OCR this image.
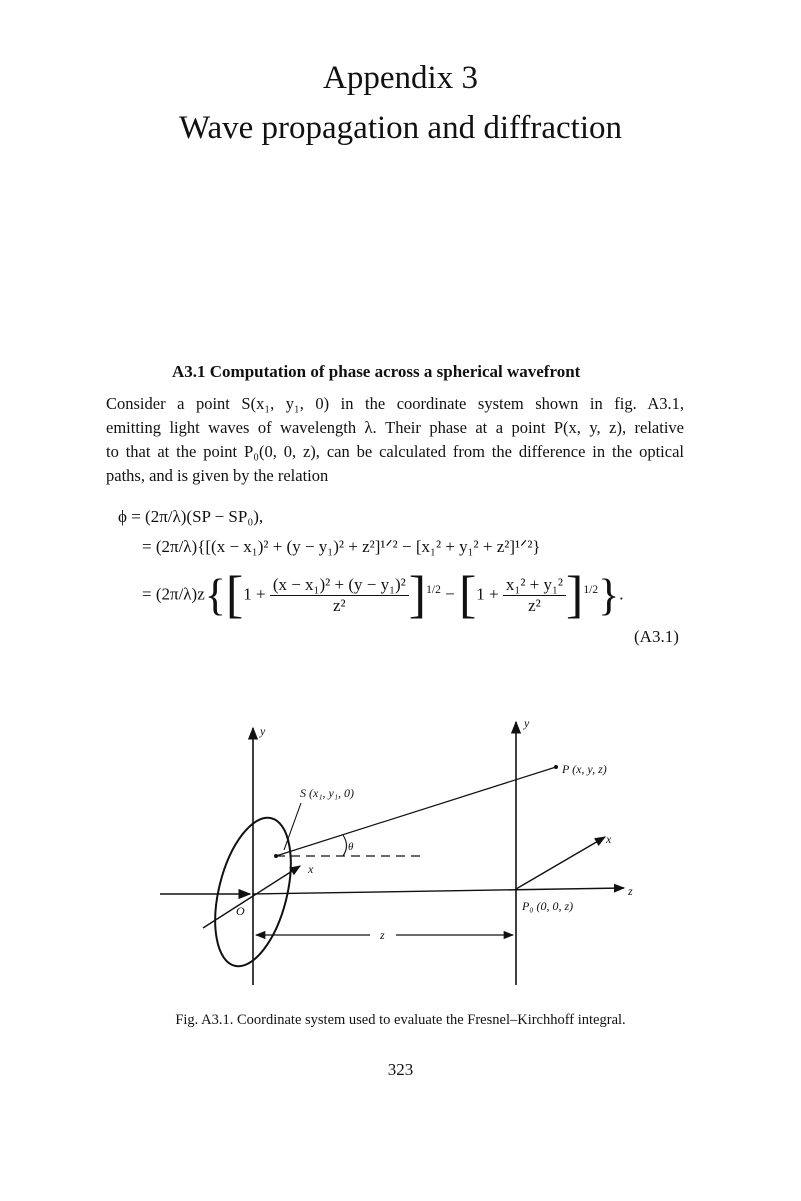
Appendix 3
Wave propagation and diffraction
A3.1 Computation of phase across a spherical wavefront
Consider a point S(x₁, y₁, 0) in the coordinate system shown in fig. A3.1,
emitting light waves of wavelength λ. Their phase at a point P(x, y, z), relative
to that at the point P₀(0, 0, z), can be calculated from the difference in the optical
paths, and is given by the relation
ϕ = (2π/λ)(SP − SP₀),
= (2π/λ){[(x − x₁)² + (y − y₁)² + z²]¹ᐟ² − [x₁² + y₁² + z²]¹ᐟ²}
= $(2\pi/\lambda)z\{[1 + \frac{\text{(x − x₁)² + (y − y₁)²}}{\text{z²}} ]^{1/2} - [1 + \frac{\text{x₁² + y₁²}}{\text{z²}} ]^{1/2}\}$.
(A3.1)
y
y
P (x, y, z)
S (x₁, y₁, 0)
θ
x
x
z
O	P₀ (0, 0, z)
z
Fig. A3.1. Coordinate system used to evaluate the Fresnel–Kirchhoff integral.
323
